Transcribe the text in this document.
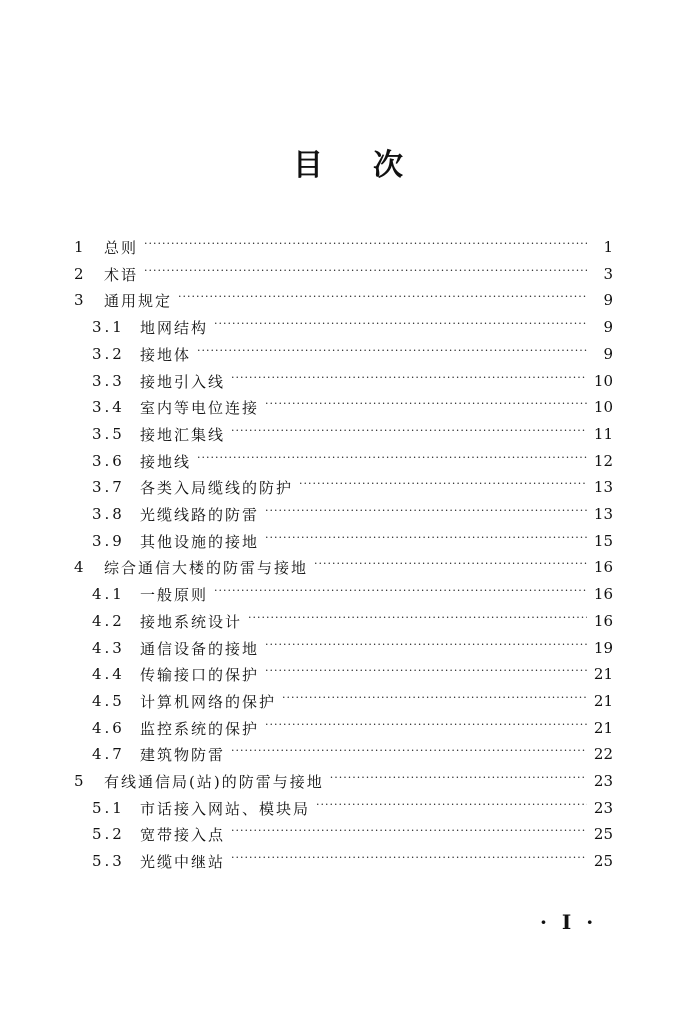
目 次
1	总则 ·····	1
2	术语 ·····	3
3	通用规定 ·····	9
3.1	地网结构 ·····	9
3.2	接地体 ·····	9
3.3	接地引入线 ·····	10
3.4	室内等电位连接 ·····	10
3.5	接地汇集线 ·····	11
3.6	接地线 ·····	12
3.7	各类入局缆线的防护 ·····	13
3.8	光缆线路的防雷 ·····	13
3.9	其他设施的接地 ·····	15
4	综合通信大楼的防雷与接地 ·····	16
4.1	一般原则 ·····	16
4.2	接地系统设计 ·····	16
4.3	通信设备的接地 ·····	19
4.4	传输接口的保护 ·····	21
4.5	计算机网络的保护 ·····	21
4.6	监控系统的保护 ·····	21
4.7	建筑物防雷 ·····	22
5	有线通信局(站)的防雷与接地 ·····	23
5.1	市话接入网站、模块局 ·····	23
5.2	宽带接入点 ·····	25
5.3	光缆中继站 ·····	25
· I ·
